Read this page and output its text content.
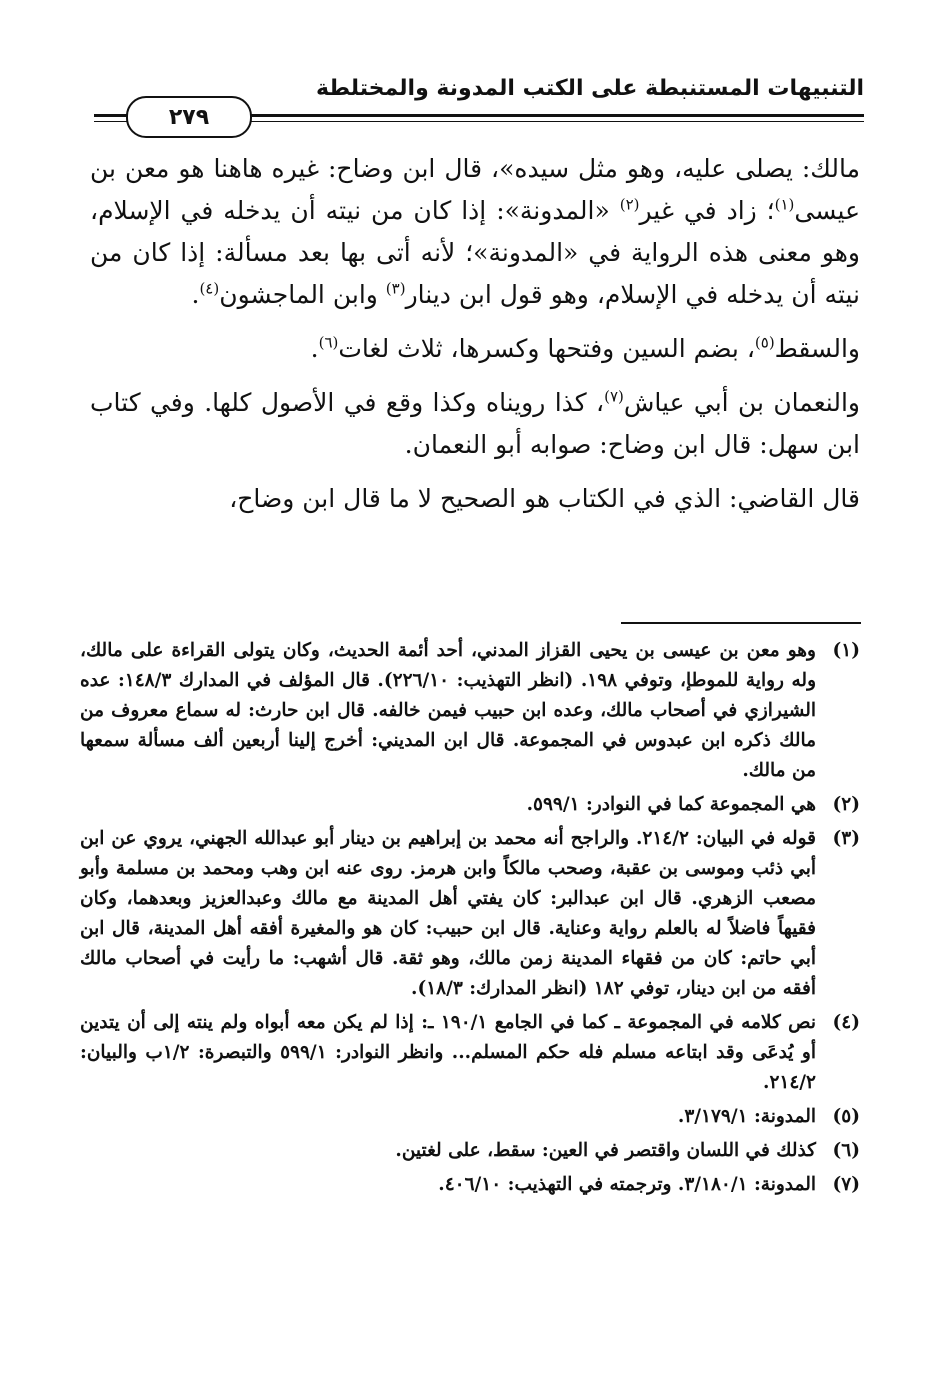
التنبيهات المستنبطة على الكتب المدونة والمختلطة
٢٧٩

مالك: يصلى عليه، وهو مثل سيده»، قال ابن وضاح: غيره هاهنا هو معن بن عيسى$^{(١)}$؛ زاد في غير$^{(٢)}$ «المدونة»: إذا كان من نيته أن يدخله في الإسلام، وهو معنى هذه الرواية في «المدونة»؛ لأنه أتى بها بعد مسألة: إذا كان من نيته أن يدخله في الإسلام، وهو قول ابن دينار$^{(٣)}$ وابن الماجشون$^{(٤)}$.

والسقط$^{(٥)}$، بضم السين وفتحها وكسرها، ثلاث لغات$^{(٦)}$.

والنعمان بن أبي عياش$^{(٧)}$، كذا رويناه وكذا وقع في الأصول كلها. وفي كتاب ابن سهل: قال ابن وضاح: صوابه أبو النعمان.

قال القاضي: الذي في الكتاب هو الصحيح لا ما قال ابن وضاح،

(١)
وهو معن بن عيسى بن يحيى القزاز المدني، أحد أئمة الحديث، وكان يتولى القراءة على مالك، وله رواية للموطإ، وتوفي ١٩٨. (انظر التهذيب: ٢٢٦/١٠). قال المؤلف في المدارك ١٤٨/٣: عده الشيرازي في أصحاب مالك، وعده ابن حبيب فيمن خالفه. قال ابن حارث: له سماع معروف من مالك ذكره ابن عبدوس في المجموعة. قال ابن المديني: أخرج إلينا أربعين ألف مسألة سمعها من مالك.
(٢)
هي المجموعة كما في النوادر: ٥٩٩/١.
(٣)
قوله في البيان: ٢١٤/٢. والراجح أنه محمد بن إبراهيم بن دينار أبو عبدالله الجهني، يروي عن ابن أبي ذئب وموسى بن عقبة، وصحب مالكاً وابن هرمز. روى عنه ابن وهب ومحمد بن مسلمة وأبو مصعب الزهري. قال ابن عبدالبر: كان يفتي أهل المدينة مع مالك وعبدالعزيز وبعدهما، وكان فقيهاً فاضلاً له بالعلم رواية وعناية. قال ابن حبيب: كان هو والمغيرة أفقه أهل المدينة، قال ابن أبي حاتم: كان من فقهاء المدينة زمن مالك، وهو ثقة. قال أشهب: ما رأيت في أصحاب مالك أفقه من ابن دينار، توفي ١٨٢ (انظر المدارك: ١٨/٣).
(٤)
نص كلامه في المجموعة ـ كما في الجامع ١٩٠/١ ـ: إذا لم يكن معه أبواه ولم ينته إلى أن يتدين أو يُدعَى وقد ابتاعه مسلم فله حكم المسلم... وانظر النوادر: ٥٩٩/١ والتبصرة: ١/٢ب والبيان: ٢١٤/٢.
(٥)
المدونة: ٣/١٧٩/١.
(٦)
كذلك في اللسان واقتصر في العين: سقط، على لغتين.
(٧)
المدونة: ٣/١٨٠/١. وترجمته في التهذيب: ٤٠٦/١٠.
